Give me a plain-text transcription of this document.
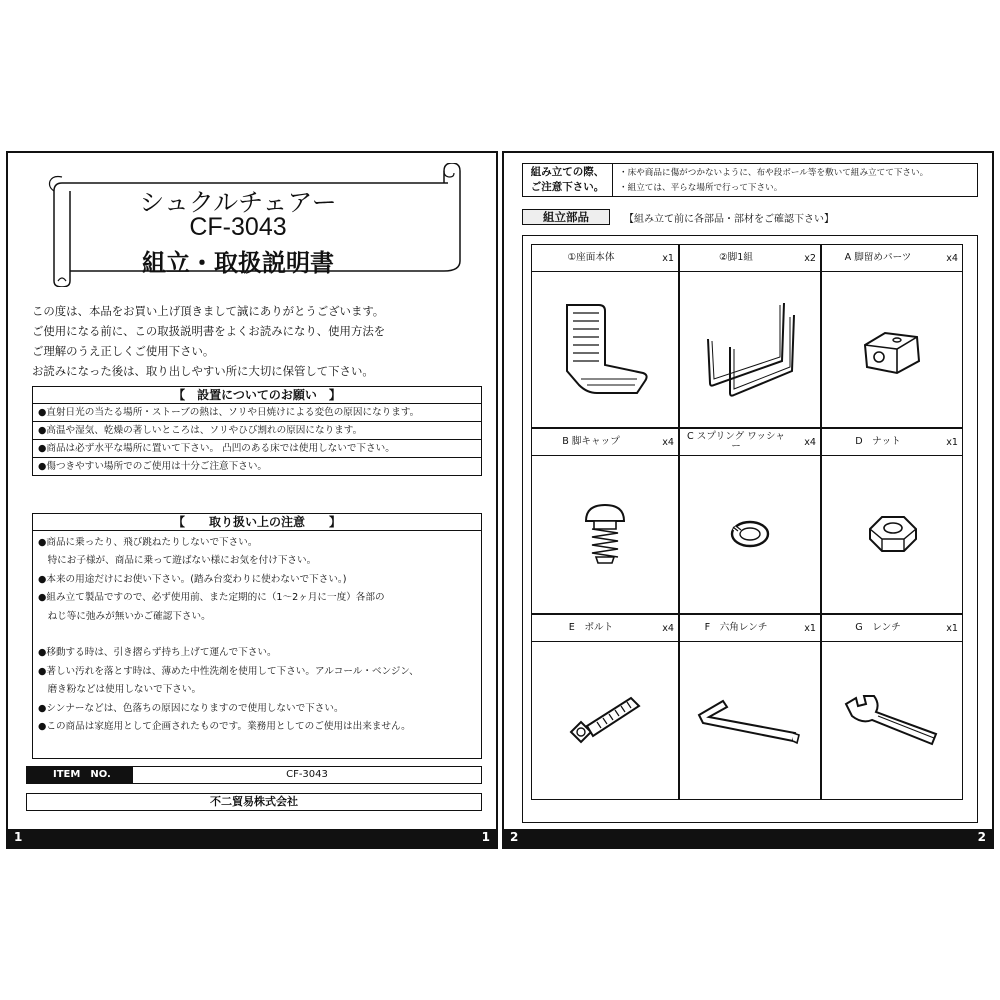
シュクルチェアー
CF-3043
組立・取扱説明書
この度は、本品をお買い上げ頂きまして誠にありがとうございます。
ご使用になる前に、この取扱説明書をよくお読みになり、使用方法を
ご理解のうえ正しくご使用下さい。
お読みになった後は、取り出しやすい所に大切に保管して下さい。
【　設置についてのお願い　】
●直射日光の当たる場所・ストーブの熱は、ソリや日焼けによる変色の原因になります。
●高温や湿気、乾燥の著しいところは、ソリやひび割れの原因になります。
●商品は必ず水平な場所に置いて下さい。 凸凹のある床では使用しないで下さい。
●傷つきやすい場所でのご使用は十分ご注意下さい。
【　　取り扱い上の注意　　】
●商品に乗ったり、飛び跳ねたりしないで下さい。
　特にお子様が、商品に乗って遊ばない様にお気を付け下さい。
●本来の用途だけにお使い下さい。(踏み台変わりに使わないで下さい。)
●組み立て製品ですので、必ず使用前、また定期的に（1～2ヶ月に一度）各部の
　ねじ等に弛みが無いかご確認下さい。

●移動する時は、引き摺らず持ち上げて運んで下さい。
●著しい汚れを落とす時は、薄めた中性洗剤を使用して下さい。アルコール・ベンジン、
　磨き粉などは使用しないで下さい。
●シンナーなどは、色落ちの原因になりますので使用しないで下さい。
●この商品は家庭用として企画されたものです。業務用としてのご使用は出来ません。
ITEM　NO.	CF-3043
不二貿易株式会社
1	1
組み立ての際、
ご注意下さい。
・床や商品に傷がつかないように、布や段ボール等を敷いて組み立てて下さい。
・組立ては、平らな場所で行って下さい。
組立部品	【組み立て前に各部品・部材をご確認下さい】
①座面本体	x1	②脚1組	x2	A 脚留めパーツ	x4
B 脚キャップ	x4 C スプリング ワッシャー	x4	D　ナット	x1
E　ボルト	x4	F　六角レンチ	x1	G　レンチ	x1
2	2
